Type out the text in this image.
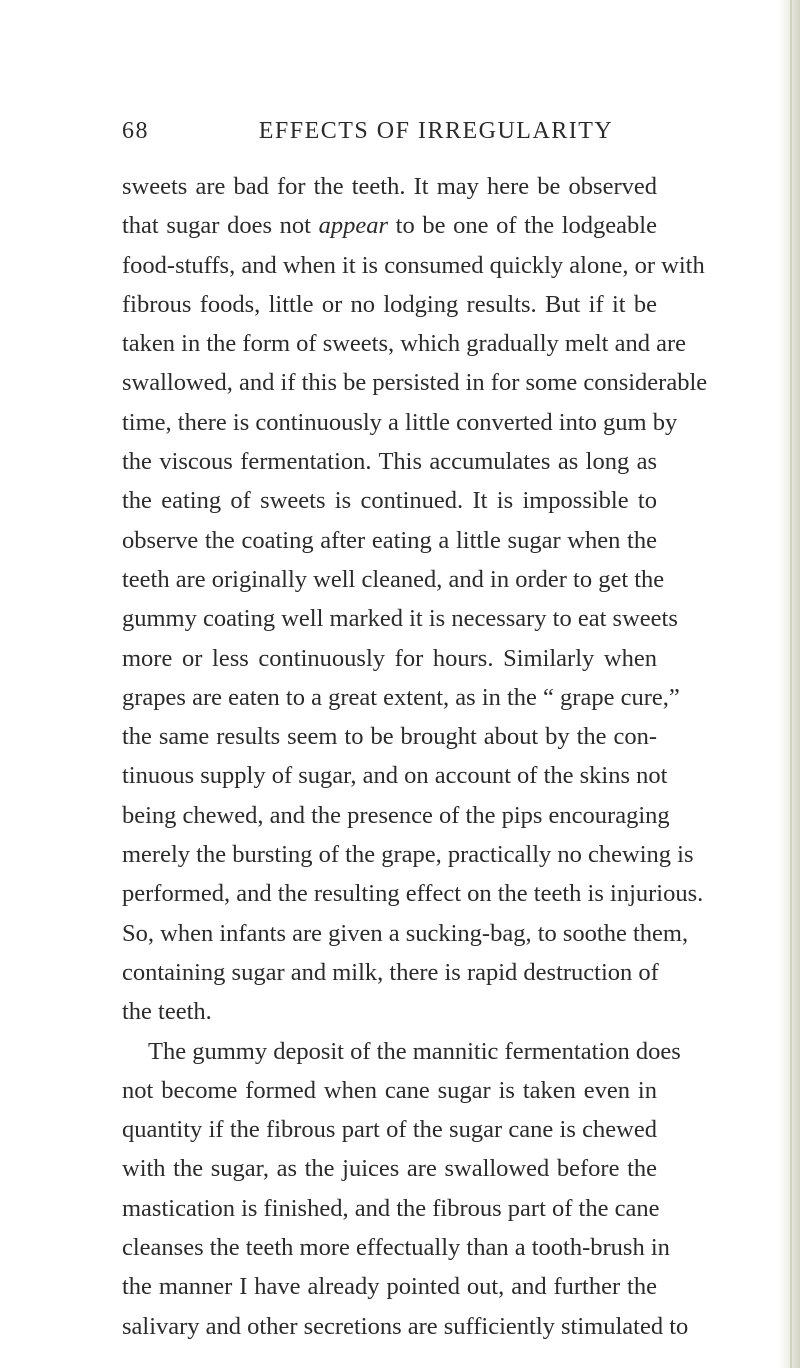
68	EFFECTS OF IRREGULARITY
sweets are bad for the teeth. It may here be observed
that sugar does not appear to be one of the lodgeable
food-stuffs, and when it is consumed quickly alone, or with
fibrous foods, little or no lodging results. But if it be
taken in the form of sweets, which gradually melt and are
swallowed, and if this be persisted in for some considerable
time, there is continuously a little converted into gum by
the viscous fermentation. This accumulates as long as
the eating of sweets is continued. It is impossible to
observe the coating after eating a little sugar when the
teeth are originally well cleaned, and in order to get the
gummy coating well marked it is necessary to eat sweets
more or less continuously for hours. Similarly when
grapes are eaten to a great extent, as in the “ grape cure,”
the same results seem to be brought about by the con-
tinuous supply of sugar, and on account of the skins not
being chewed, and the presence of the pips encouraging
merely the bursting of the grape, practically no chewing is
performed, and the resulting effect on the teeth is injurious.
So, when infants are given a sucking-bag, to soothe them,
containing sugar and milk, there is rapid destruction of
the teeth.
The gummy deposit of the mannitic fermentation does
not become formed when cane sugar is taken even in
quantity if the fibrous part of the sugar cane is chewed
with the sugar, as the juices are swallowed before the
mastication is finished, and the fibrous part of the cane
cleanses the teeth more effectually than a tooth-brush in
the manner I have already pointed out, and further the
salivary and other secretions are sufficiently stimulated to
